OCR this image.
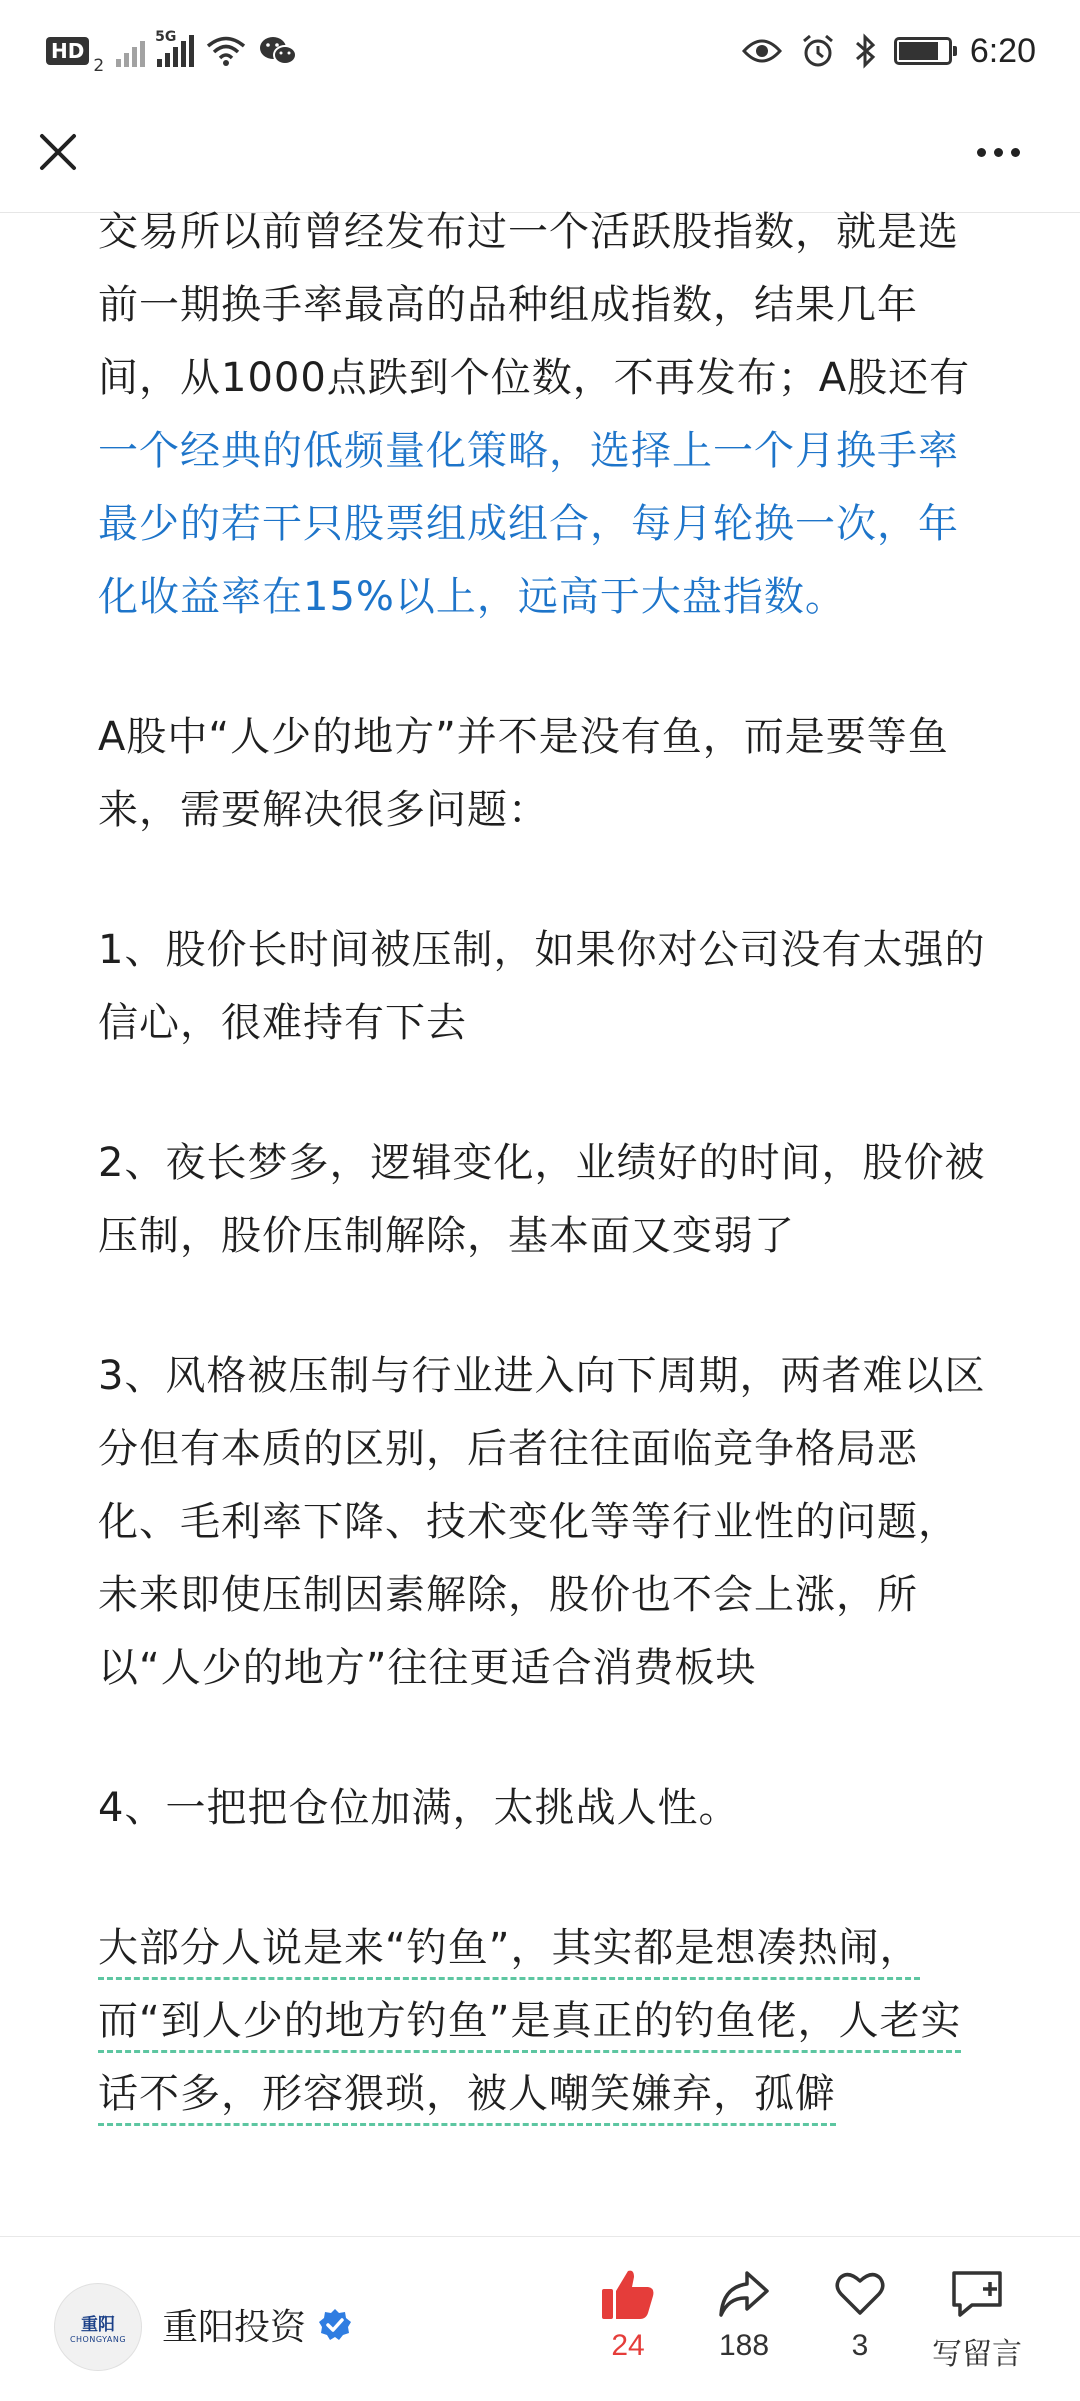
HD
2
5G	6:20

交易所以前曾经发布过一个活跃股指数，就是选前一期换手率最高的品种组成指数，结果几年间，从1000点跌到个位数，不再发布；A股还有一个经典的低频量化策略，选择上一个月换手率最少的若干只股票组成组合，每月轮换一次，年化收益率在15%以上，远高于大盘指数。

A股中“人少的地方”并不是没有鱼，而是要等鱼来，需要解决很多问题：

1、股价长时间被压制，如果你对公司没有太强的信心，很难持有下去

2、夜长梦多，逻辑变化，业绩好的时间，股价被压制，股价压制解除，基本面又变弱了

3、风格被压制与行业进入向下周期，两者难以区分但有本质的区别，后者往往面临竞争格局恶化、毛利率下降、技术变化等等行业性的问题，未来即使压制因素解除，股价也不会上涨，所以“人少的地方”往往更适合消费板块

4、一把把仓位加满，太挑战人性。

大部分人说是来“钓鱼”，其实都是想凑热闹，而“到人少的地方钓鱼”是真正的钓鱼佬，人老实话不多，形容猥琐，被人嘲笑嫌弃，孤僻

重阳
CHONGYANG 重阳投资	24 188	3 写留言
